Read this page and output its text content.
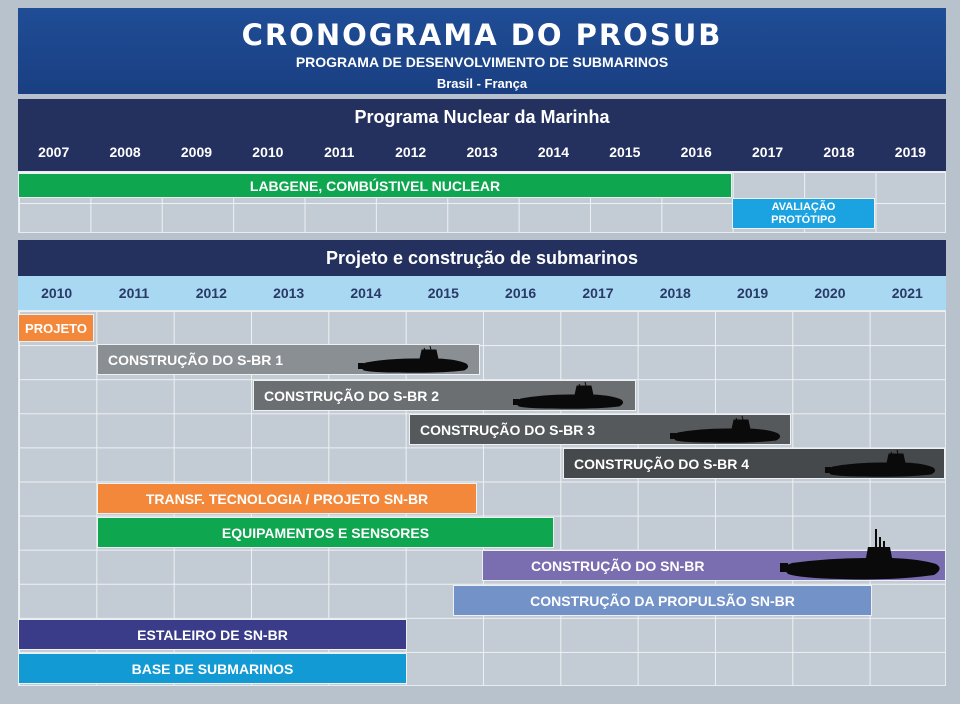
CRONOGRAMA DO PROSUB
PROGRAMA DE DESENVOLVIMENTO DE SUBMARINOS
Brasil - França
Programa Nuclear da Marinha
2007	2008	2009	2010	2011	2012	2013	2014	2015	2016	2017	2018	2019
LABGENE, COMBÚSTIVEL NUCLEAR
AVALIAÇÃO
PROTÓTIPO
Projeto e construção de submarinos
2010	2011	2012	2013	2014	2015	2016	2017	2018	2019	2020	2021
PROJETO
CONSTRUÇÃO DO S-BR 1
CONSTRUÇÃO DO S-BR 2
CONSTRUÇÃO DO S-BR 3
CONSTRUÇÃO DO S-BR 4
TRANSF. TECNOLOGIA / PROJETO SN-BR
EQUIPAMENTOS E SENSORES
CONSTRUÇÃO DO SN-BR
CONSTRUÇÃO DA PROPULSÃO SN-BR
ESTALEIRO DE SN-BR
BASE DE SUBMARINOS
